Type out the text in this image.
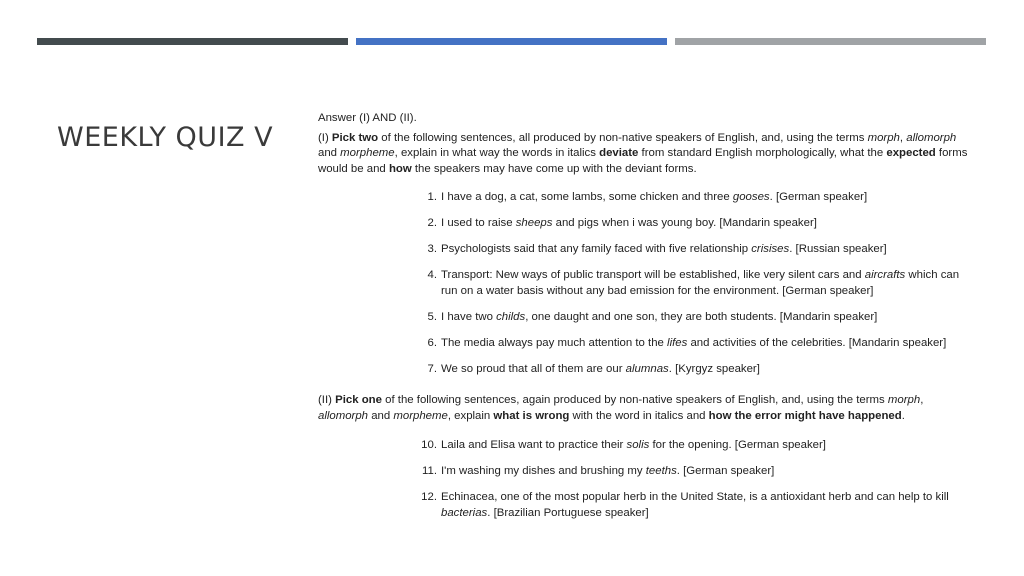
WEEKLY QUIZ V

Answer (I) AND (II).

(I) Pick two of the following sentences, all produced by non-native speakers of English, and, using the terms morph, allomorph and morpheme, explain in what way the words in italics deviate from standard English morphologically, what the expected forms would be and how the speakers may have come up with the deviant forms.

1. I have a dog, a cat, some lambs, some chicken and three gooses. [German speaker]
2. I used to raise sheeps and pigs when i was young boy. [Mandarin speaker]
3. Psychologists said that any family faced with five relationship crisises. [Russian speaker]
4. Transport: New ways of public transport will be established, like very silent cars and aircrafts which can run on a water basis without any bad emission for the environment. [German speaker]
5. I have two childs, one daught and one son, they are both students. [Mandarin speaker]
6. The media always pay much attention to the lifes and activities of the celebrities. [Mandarin speaker]
7. We so proud that all of them are our alumnas. [Kyrgyz speaker]

(II) Pick one of the following sentences, again produced by non-native speakers of English, and, using the terms morph, allomorph and morpheme, explain what is wrong with the word in italics and how the error might have happened.

10. Laila and Elisa want to practice their solis for the opening. [German speaker]
11. I'm washing my dishes and brushing my teeths. [German speaker]
12. Echinacea, one of the most popular herb in the United State, is a antioxidant herb and can help to kill bacterias. [Brazilian Portuguese speaker]
